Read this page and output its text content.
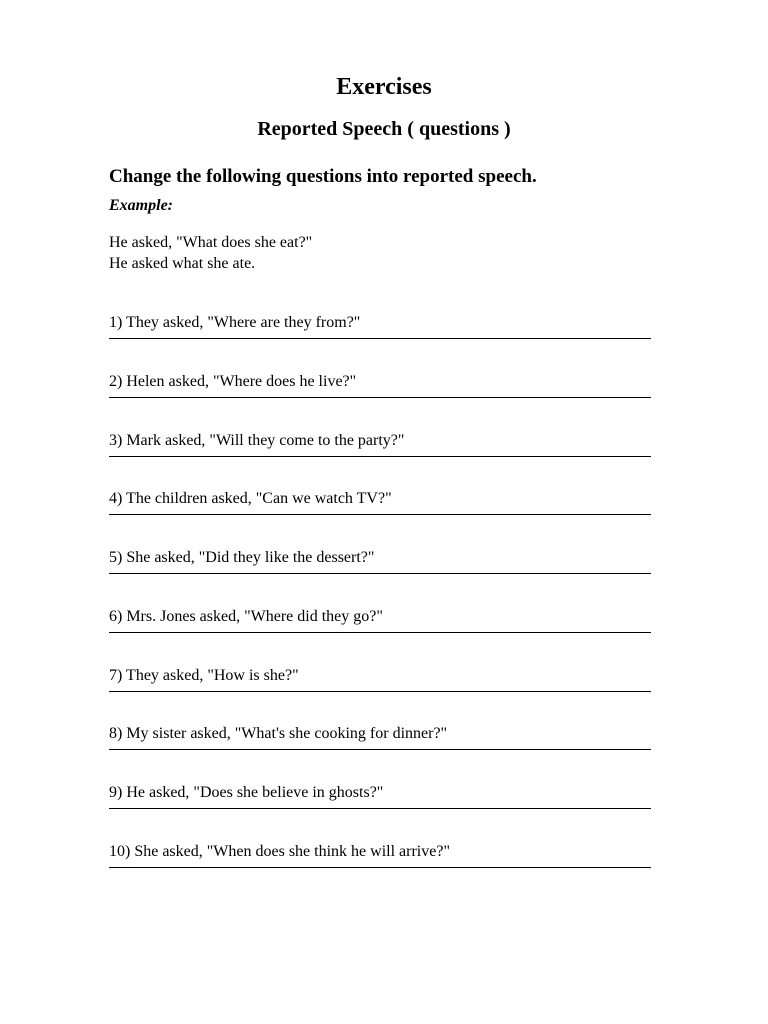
Exercises
Reported Speech ( questions )
Change the following questions into reported speech.
Example:
He asked, "What does she eat?"
He asked what she ate.
1) They asked, "Where are they from?"
2) Helen asked, "Where does he live?"
3) Mark asked, "Will they come to the party?"
4) The children asked, "Can we watch TV?"
5) She asked, "Did they like the dessert?"
6) Mrs. Jones asked, "Where did they go?"
7) They asked, "How is she?"
8) My sister asked, "What's she cooking for dinner?"
9) He asked, "Does she believe in ghosts?"
10) She asked, "When does she think he will arrive?"
